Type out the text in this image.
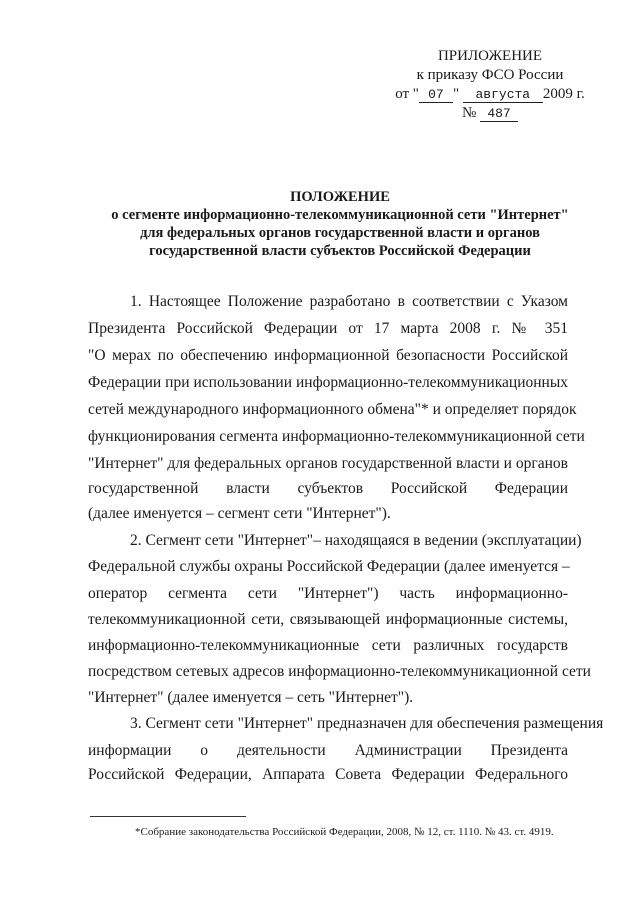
ПРИЛОЖЕНИЕ
к приказу ФСО России
от " 07 " августа 2009 г.
№ 487
ПОЛОЖЕНИЕ
о сегменте информационно-телекоммуникационной сети "Интернет"
для федеральных органов государственной власти и органов
государственной власти субъектов Российской Федерации
1. Настоящее Положение разработано в соответствии с Указом
Президента Российской Федерации от 17 марта 2008 г. № 351
"О мерах по обеспечению информационной безопасности Российской
Федерации при использовании информационно-телекоммуникационных
сетей международного информационного обмена"* и определяет порядок
функционирования сегмента информационно-телекоммуникационной сети
"Интернет" для федеральных органов государственной власти и органов
государственной власти субъектов Российской Федерации
(далее именуется – сегмент сети "Интернет").
2. Сегмент сети "Интернет"– находящаяся в ведении (эксплуатации)
Федеральной службы охраны Российской Федерации (далее именуется –
оператор сегмента сети "Интернет") часть информационно-
телекоммуникационной сети, связывающей информационные системы,
информационно-телекоммуникационные сети различных государств
посредством сетевых адресов информационно-телекоммуникационной сети
"Интернет" (далее именуется – сеть "Интернет").
3. Сегмент сети "Интернет" предназначен для обеспечения размещения
информации о деятельности Администрации Президента
Российской Федерации, Аппарата Совета Федерации Федерального
*Собрание законодательства Российской Федерации, 2008, № 12, ст. 1110. № 43. ст. 4919.
